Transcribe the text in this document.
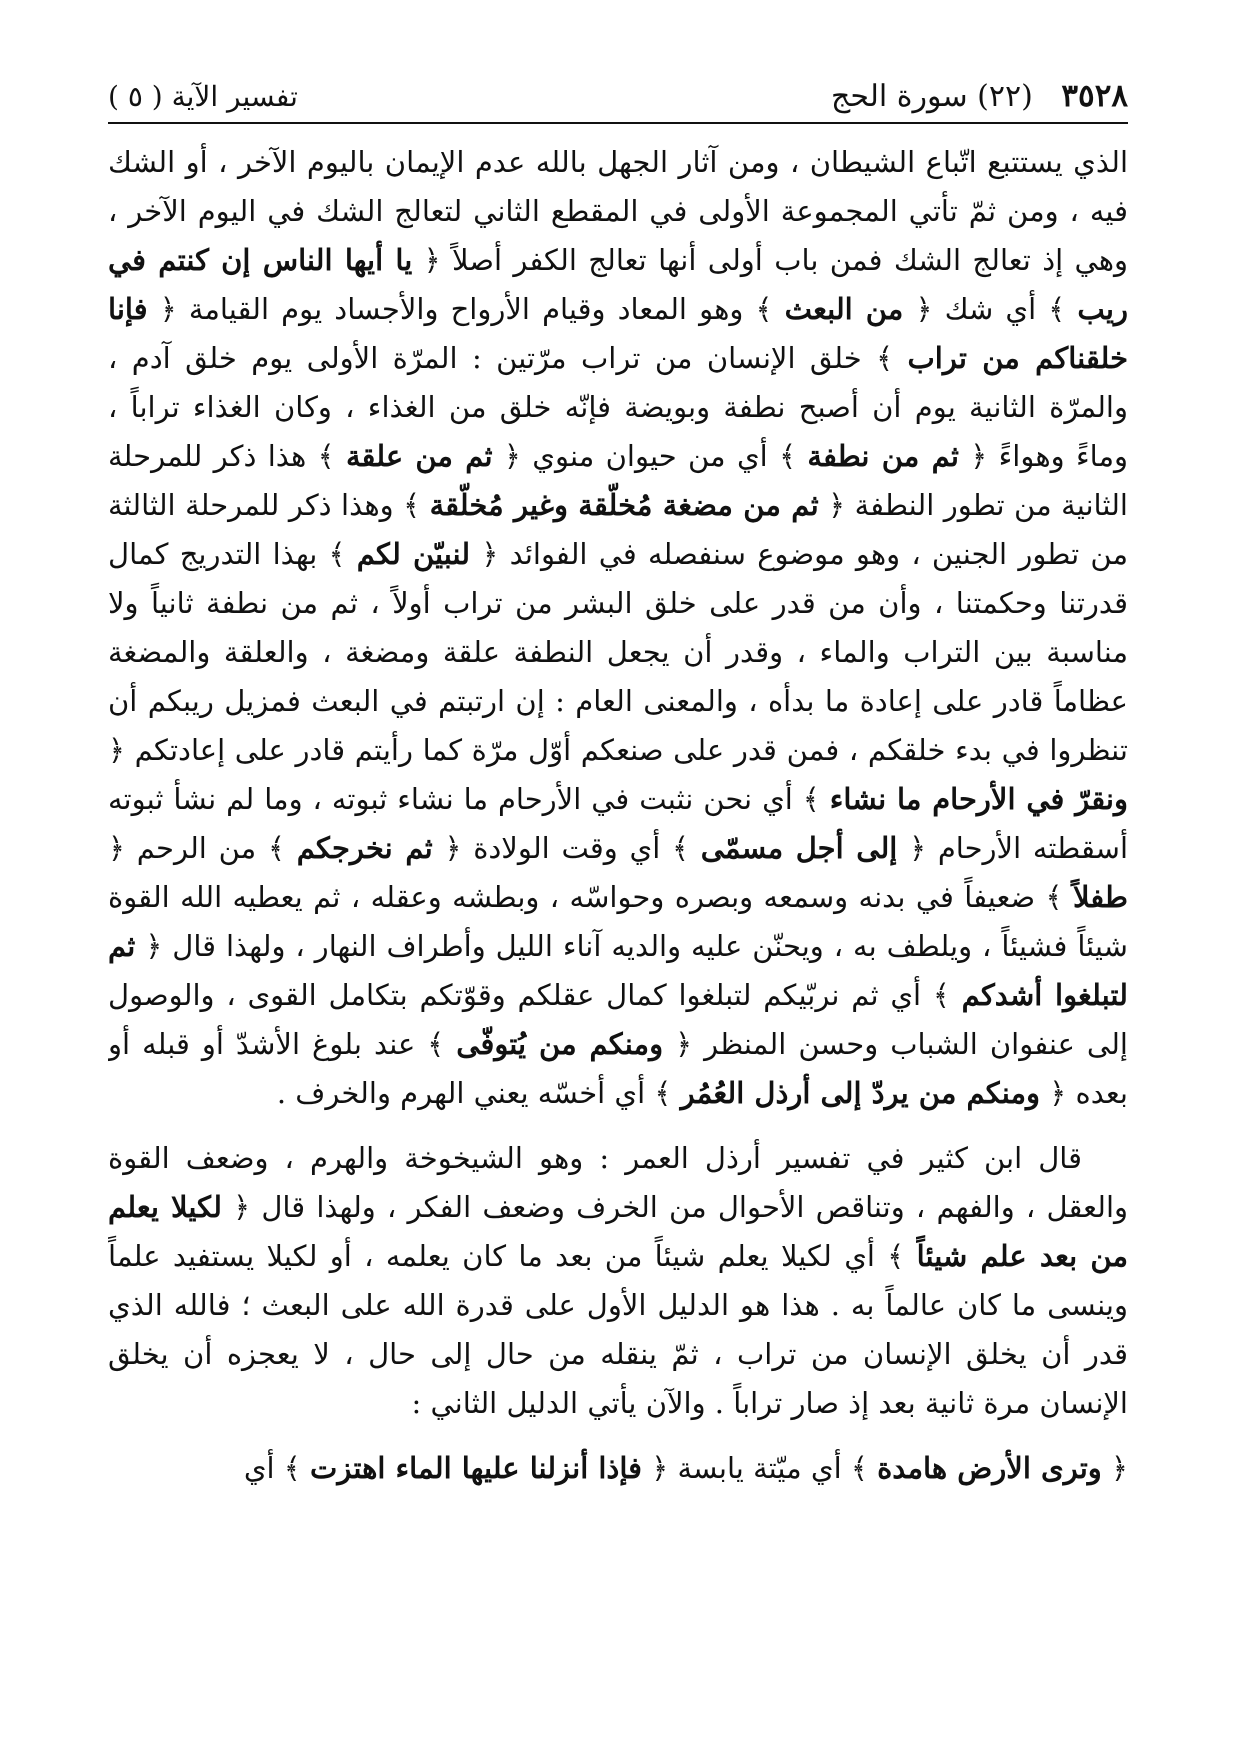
٣٥٢٨   (٢٢) سورة الحج
تفسير الآية ( ٥ )

الذي يستتبع اتّباع الشيطان ، ومن آثار الجهل بالله عدم الإيمان باليوم الآخر ، أو الشك فيه ، ومن ثمّ تأتي المجموعة الأولى في المقطع الثاني لتعالج الشك في اليوم الآخر ، وهي إذ تعالج الشك فمن باب أولى أنها تعالج الكفر أصلاً ﴿ يا أيها الناس إن كنتم في ريب ﴾ أي شك ﴿ من البعث ﴾ وهو المعاد وقيام الأرواح والأجساد يوم القيامة ﴿ فإنا خلقناكم من تراب ﴾ خلق الإنسان من تراب مرّتين : المرّة الأولى يوم خلق آدم ، والمرّة الثانية يوم أن أصبح نطفة وبويضة فإنّه خلق من الغذاء ، وكان الغذاء تراباً ، وماءً وهواءً ﴿ ثم من نطفة ﴾ أي من حيوان منوي ﴿ ثم من علقة ﴾ هذا ذكر للمرحلة الثانية من تطور النطفة ﴿ ثم من مضغة مُخلّقة وغير مُخلّقة ﴾ وهذا ذكر للمرحلة الثالثة من تطور الجنين ، وهو موضوع سنفصله في الفوائد ﴿ لنبيّن لكم ﴾ بهذا التدريج كمال قدرتنا وحكمتنا ، وأن من قدر على خلق البشر من تراب أولاً ، ثم من نطفة ثانياً ولا مناسبة بين التراب والماء ، وقدر أن يجعل النطفة علقة ومضغة ، والعلقة والمضغة عظاماً قادر على إعادة ما بدأه ، والمعنى العام : إن ارتبتم في البعث فمزيل ريبكم أن تنظروا في بدء خلقكم ، فمن قدر على صنعكم أوّل مرّة كما رأيتم قادر على إعادتكم ﴿ ونقرّ في الأرحام ما نشاء ﴾ أي نحن نثبت في الأرحام ما نشاء ثبوته ، وما لم نشأ ثبوته أسقطته الأرحام ﴿ إلى أجل مسمّى ﴾ أي وقت الولادة ﴿ ثم نخرجكم ﴾ من الرحم ﴿ طفلاً ﴾ ضعيفاً في بدنه وسمعه وبصره وحواسّه ، وبطشه وعقله ، ثم يعطيه الله القوة شيئاً فشيئاً ، ويلطف به ، ويحنّن عليه والديه آناء الليل وأطراف النهار ، ولهذا قال ﴿ ثم لتبلغوا أشدكم ﴾ أي ثم نربّيكم لتبلغوا كمال عقلكم وقوّتكم بتكامل القوى ، والوصول إلى عنفوان الشباب وحسن المنظر ﴿ ومنكم من يُتوفّى ﴾ عند بلوغ الأشدّ أو قبله أو بعده ﴿ ومنكم من يردّ إلى أرذل العُمُر ﴾ أي أخسّه يعني الهرم والخرف .

قال ابن كثير في تفسير أرذل العمر : وهو الشيخوخة والهرم ، وضعف القوة والعقل ، والفهم ، وتناقص الأحوال من الخرف وضعف الفكر ، ولهذا قال ﴿ لكيلا يعلم من بعد علم شيئاً ﴾ أي لكيلا يعلم شيئاً من بعد ما كان يعلمه ، أو لكيلا يستفيد علماً وينسى ما كان عالماً به . هذا هو الدليل الأول على قدرة الله على البعث ؛ فالله الذي قدر أن يخلق الإنسان من تراب ، ثمّ ينقله من حال إلى حال ، لا يعجزه أن يخلق الإنسان مرة ثانية بعد إذ صار تراباً . والآن يأتي الدليل الثاني :

﴿ وترى الأرض هامدة ﴾ أي ميّتة يابسة ﴿ فإذا أنزلنا عليها الماء اهتزت ﴾ أي
